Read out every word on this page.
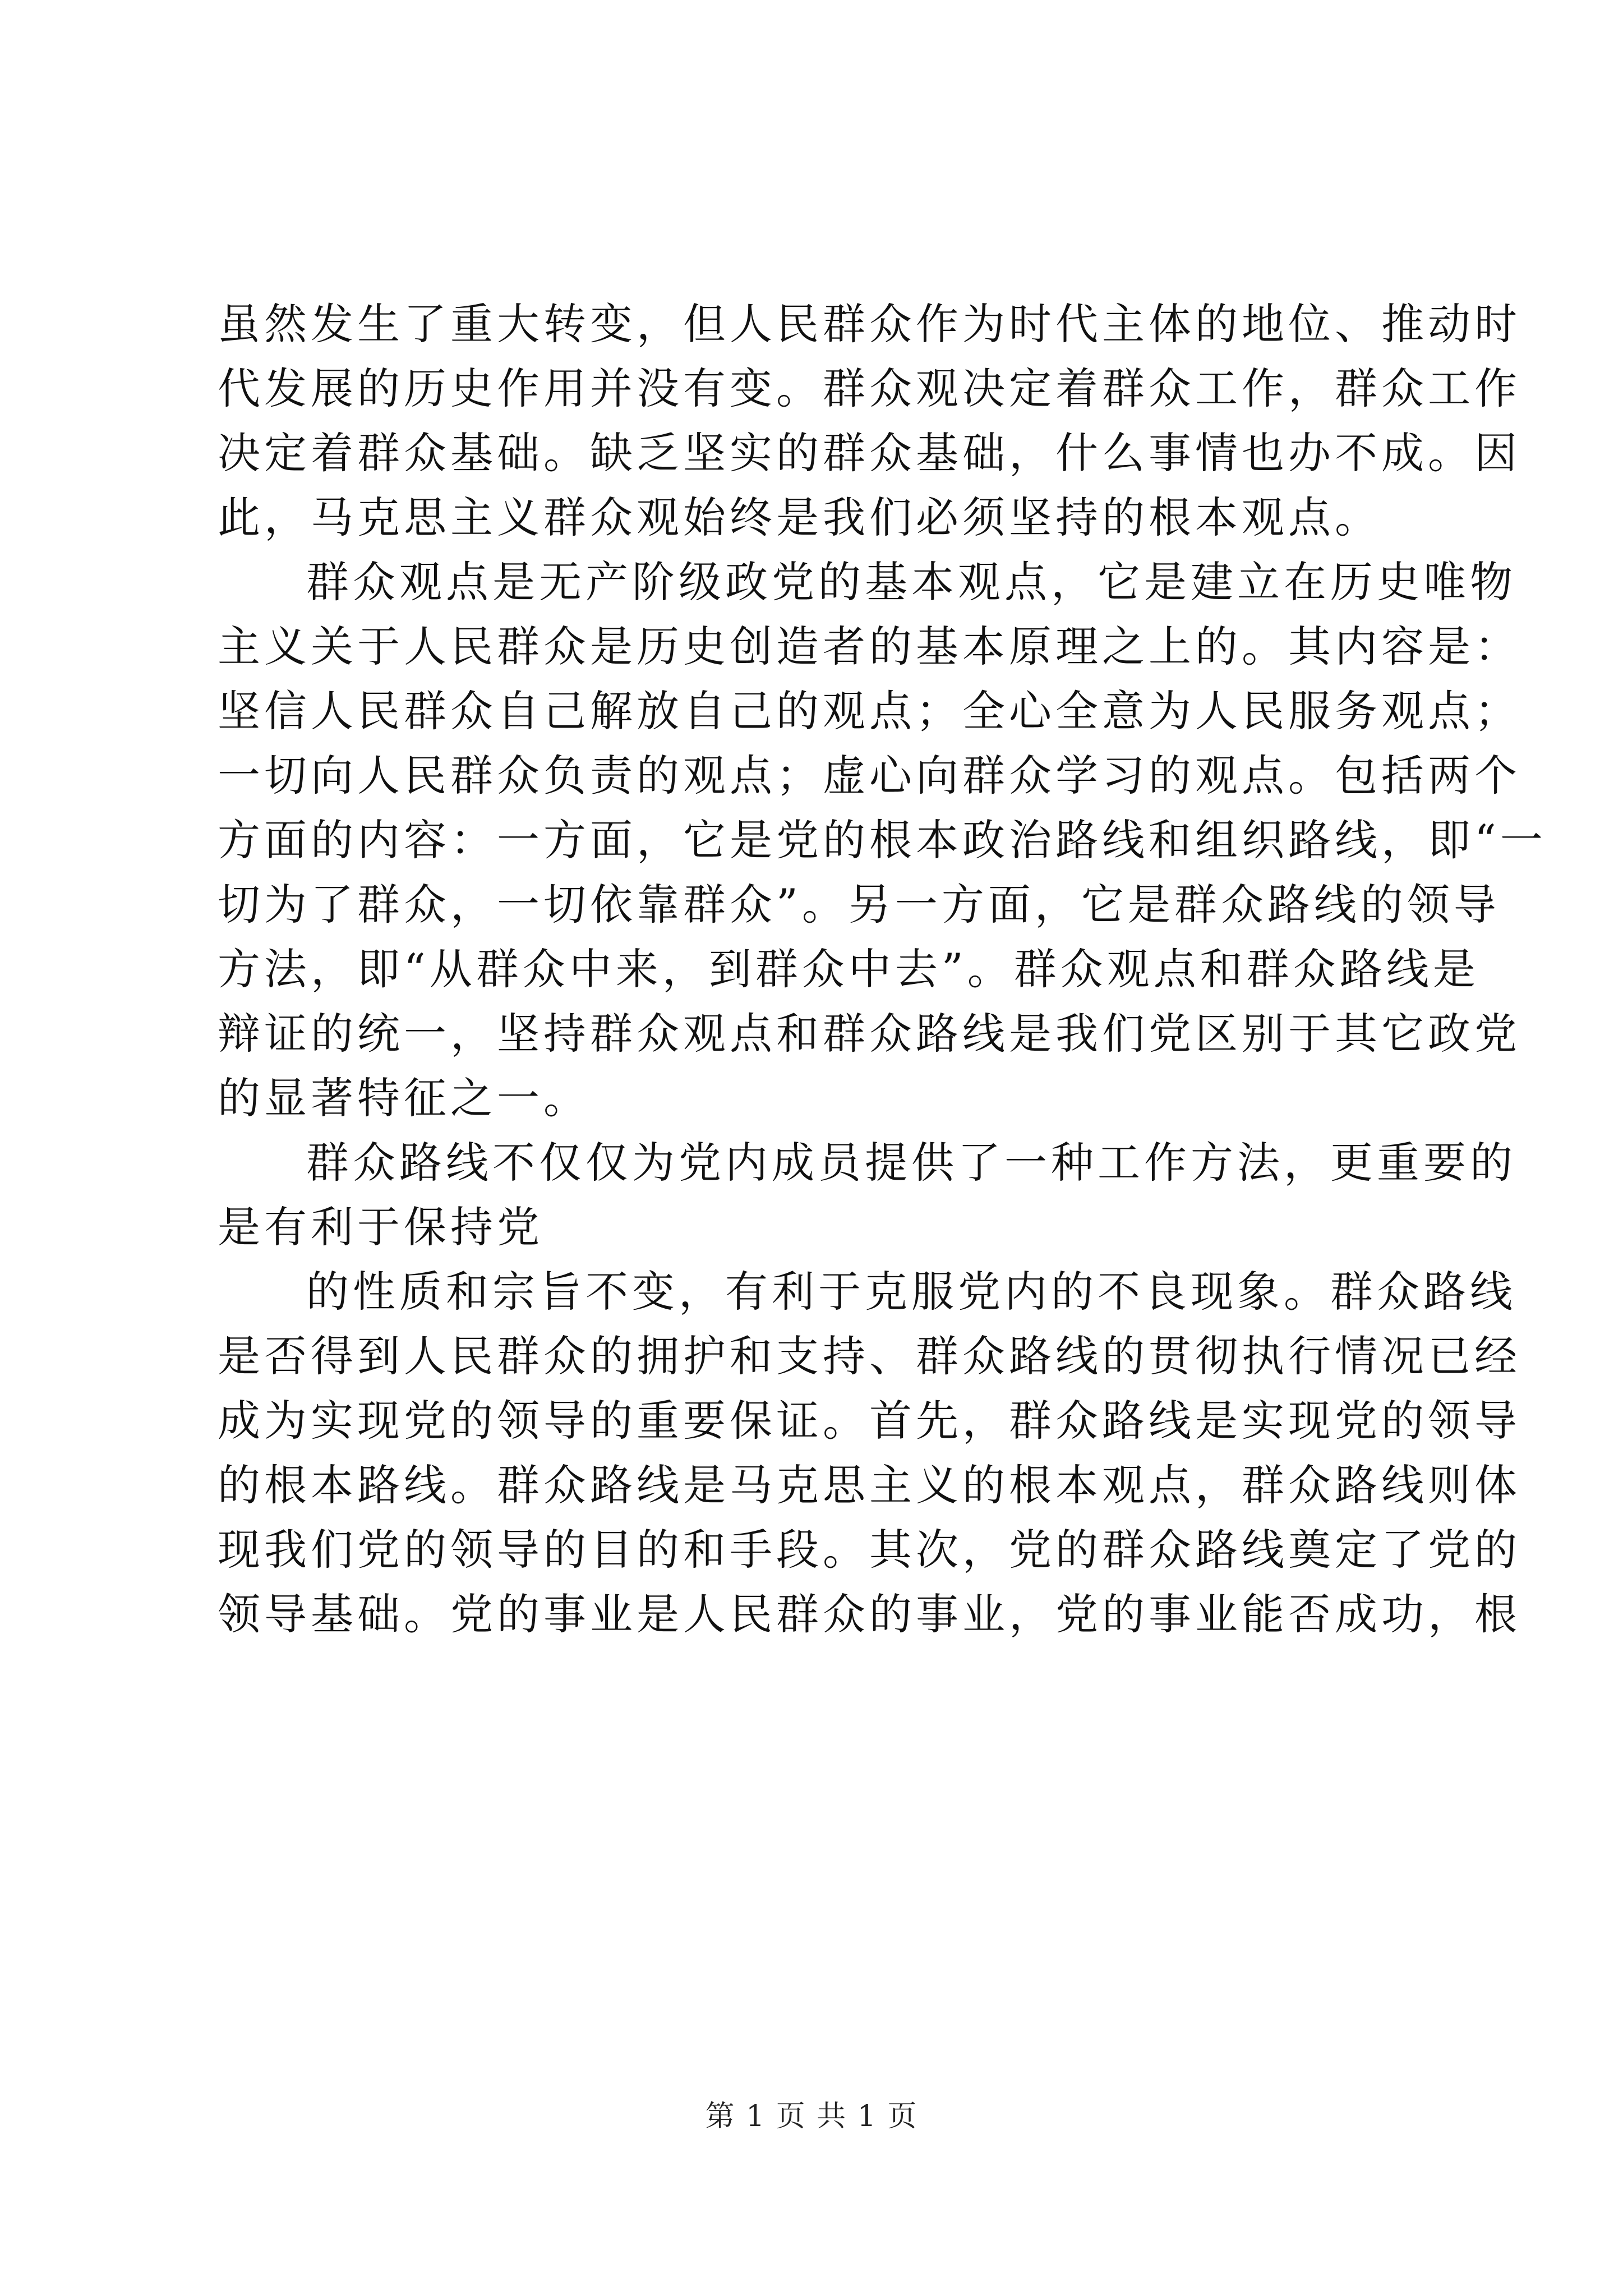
虽然发生了重大转变，但人民群众作为时代主体的地位、推动时
代发展的历史作用并没有变。群众观决定着群众工作，群众工作
决定着群众基础。缺乏坚实的群众基础，什么事情也办不成。因
此，马克思主义群众观始终是我们必须坚持的根本观点。
群众观点是无产阶级政党的基本观点，它是建立在历史唯物
主义关于人民群众是历史创造者的基本原理之上的。其内容是：
坚信人民群众自己解放自己的观点；全心全意为人民服务观点；
一切向人民群众负责的观点；虚心向群众学习的观点。包括两个
方面的内容：一方面，它是党的根本政治路线和组织路线，即“一
切为了群众，一切依靠群众”。另一方面，它是群众路线的领导
方法，即“从群众中来，到群众中去”。群众观点和群众路线是
辩证的统一，坚持群众观点和群众路线是我们党区别于其它政党
的显著特征之一。
群众路线不仅仅为党内成员提供了一种工作方法，更重要的
是有利于保持党
的性质和宗旨不变，有利于克服党内的不良现象。群众路线
是否得到人民群众的拥护和支持、群众路线的贯彻执行情况已经
成为实现党的领导的重要保证。首先，群众路线是实现党的领导
的根本路线。群众路线是马克思主义的根本观点，群众路线则体
现我们党的领导的目的和手段。其次，党的群众路线奠定了党的
领导基础。党的事业是人民群众的事业，党的事业能否成功，根
第 1 页 共 1 页
